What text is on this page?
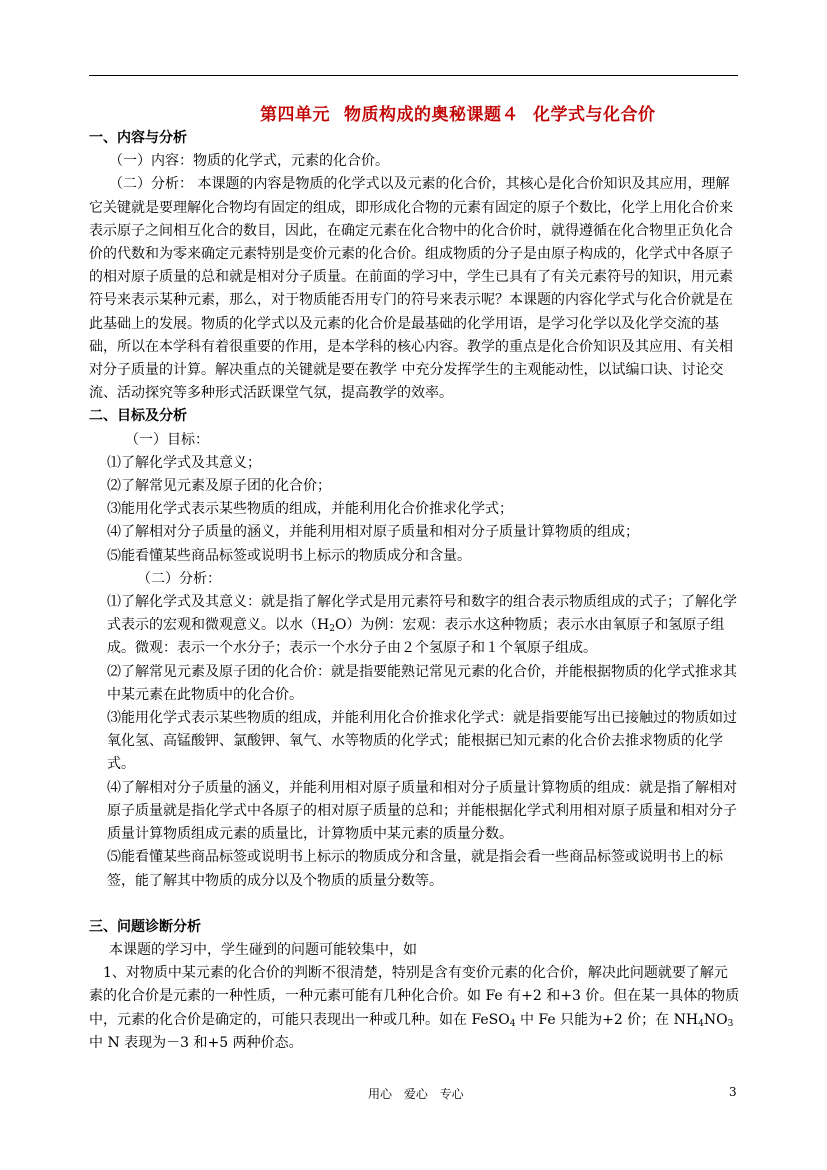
第四单元 物质构成的奥秘课题４ 化学式与化合价

一、内容与分析

（一）内容：物质的化学式，元素的化合价。

（二）分析： 本课题的内容是物质的化学式以及元素的化合价，其核心是化合价知识及其应用，理解它关键就是要理解化合物均有固定的组成，即形成化合物的元素有固定的原子个数比，化学上用化合价来表示原子之间相互化合的数目，因此，在确定元素在化合物中的化合价时，就得遵循在化合物里正负化合价的代数和为零来确定元素特别是变价元素的化合价。组成物质的分子是由原子构成的，化学式中各原子的相对原子质量的总和就是相对分子质量。在前面的学习中，学生已具有了有关元素符号的知识，用元素符号来表示某种元素，那么，对于物质能否用专门的符号来表示呢？本课题的内容化学式与化合价就是在此基础上的发展。物质的化学式以及元素的化合价是最基础的化学用语，是学习化学以及化学交流的基础，所以在本学科有着很重要的作用，是本学科的核心内容。教学的重点是化合价知识及其应用、有关相对分子质量的计算。解决重点的关键就是要在教学 中充分发挥学生的主观能动性，以试编口诀、讨论交流、活动探究等多种形式活跃课堂气氛，提高教学的效率。

二、目标及分析

（一）目标：

⑴了解化学式及其意义；

⑵了解常见元素及原子团的化合价；

⑶能用化学式表示某些物质的组成，并能利用化合价推求化学式；

⑷了解相对分子质量的涵义，并能利用相对原子质量和相对分子质量计算物质的组成；

⑸能看懂某些商品标签或说明书上标示的物质成分和含量。

（二）分析：

⑴了解化学式及其意义：就是指了解化学式是用元素符号和数字的组合表示物质组成的式子；了解化学式表示的宏观和微观意义。以水$(H_2O)$为例：宏观：表示水这种物质；表示水由氧原子和氢原子组成。微观：表示一个水分子；表示一个水分子由２个氢原子和１个氧原子组成。

⑵了解常见元素及原子团的化合价：就是指要能熟记常见元素的化合价，并能根据物质的化学式推求其中某元素在此物质中的化合价。

⑶能用化学式表示某些物质的组成，并能利用化合价推求化学式：就是指要能写出已接触过的物质如过氧化氢、高锰酸钾、氯酸钾、氧气、水等物质的化学式；能根据已知元素的化合价去推求物质的化学式。

⑷了解相对分子质量的涵义，并能利用相对原子质量和相对分子质量计算物质的组成：就是指了解相对原子质量就是指化学式中各原子的相对原子质量的总和；并能根据化学式利用相对原子质量和相对分子质量计算物质组成元素的质量比，计算物质中某元素的质量分数。

⑸能看懂某些商品标签或说明书上标示的物质成分和含量，就是指会看一些商品标签或说明书上的标签，能了解其中物质的成分以及个物质的质量分数等。

三、问题诊断分析

本课题的学习中，学生碰到的问题可能较集中，如

1、对物质中某元素的化合价的判断不很清楚，特别是含有变价元素的化合价，解决此问题就要了解元素的化合价是元素的一种性质，一种元素可能有几种化合价。如 Fe 有+2 和+3 价。但在某一具体的物质中，元素的化合价是确定的，可能只表现出一种或几种。如在 FeSO$_4$ 中 Fe 只能为+2 价；在 $NH_4NO_3$中 N 表现为－3 和+5 两种价态。

用心 爱心 专心	3
